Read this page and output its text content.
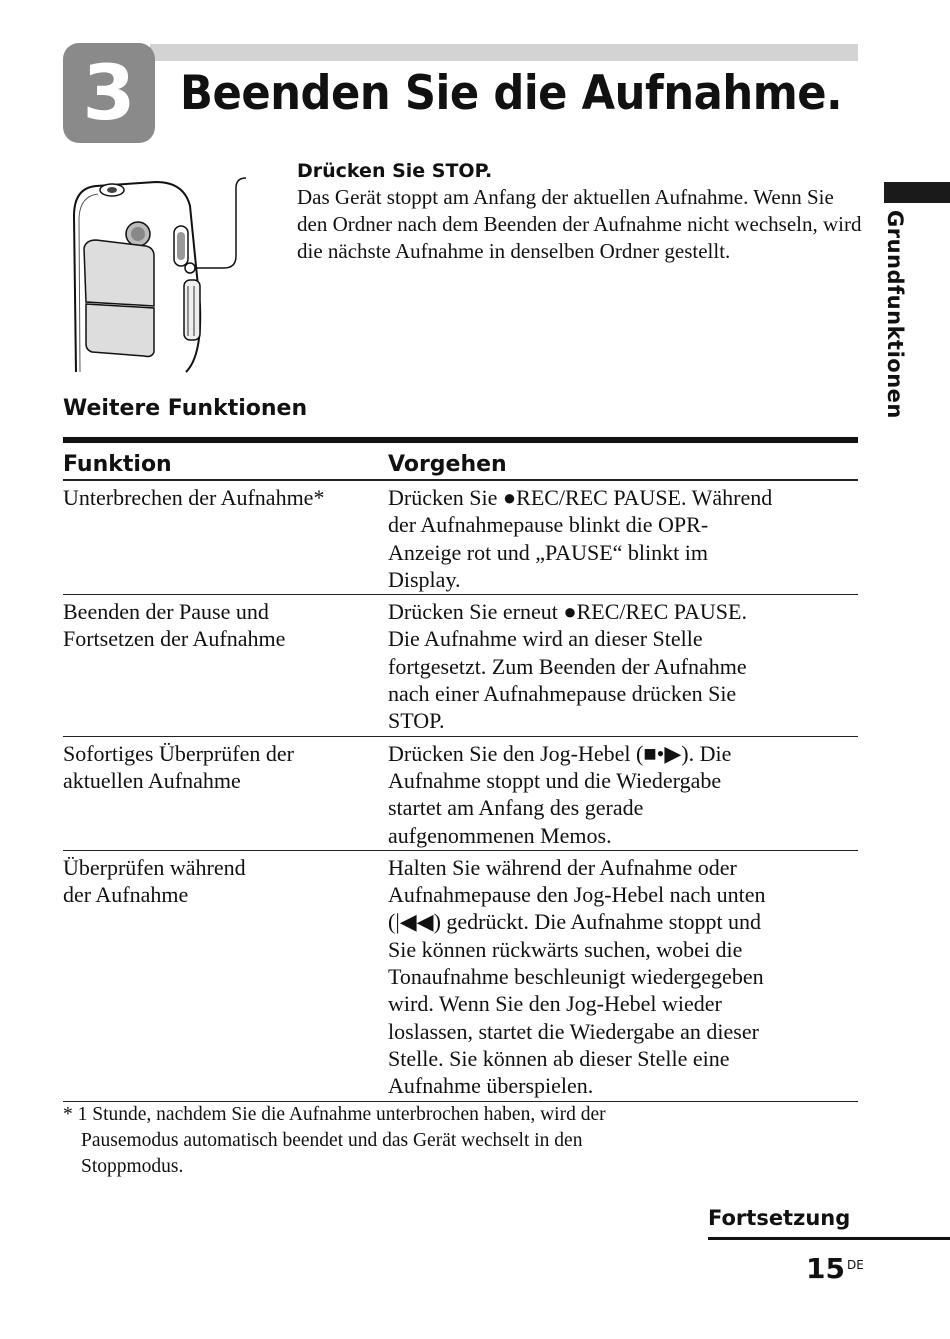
3 Beenden Sie die Aufnahme.
Grundfunktionen
Drücken Sie STOP.
Das Gerät stoppt am Anfang der aktuellen Aufnahme. Wenn Sie den Ordner nach dem Beenden der Aufnahme nicht wechseln, wird die nächste Aufnahme in denselben Ordner gestellt.
Weitere Funktionen
Funktion	Vorgehen
Unterbrechen der Aufnahme*	Drücken Sie ●REC/REC PAUSE. Während
der Aufnahmepause blinkt die OPR-
Anzeige rot und „PAUSE“ blinkt im
Display.
Beenden der Pause und
Fortsetzen der Aufnahme
Drücken Sie erneut ●REC/REC PAUSE.
Die Aufnahme wird an dieser Stelle
fortgesetzt. Zum Beenden der Aufnahme
nach einer Aufnahmepause drücken Sie
STOP.
Sofortiges Überprüfen der
aktuellen Aufnahme
Drücken Sie den Jog-Hebel (■•▶). Die
Aufnahme stoppt und die Wiedergabe
startet am Anfang des gerade
aufgenommenen Memos.
Überprüfen während
der Aufnahme
Halten Sie während der Aufnahme oder
Aufnahmepause den Jog-Hebel nach unten
(|◀◀) gedrückt. Die Aufnahme stoppt und
Sie können rückwärts suchen, wobei die
Tonaufnahme beschleunigt wiedergegeben
wird. Wenn Sie den Jog-Hebel wieder
loslassen, startet die Wiedergabe an dieser
Stelle. Sie können ab dieser Stelle eine
Aufnahme überspielen.
* 1 Stunde, nachdem Sie die Aufnahme unterbrochen haben, wird der
Pausemodus automatisch beendet und das Gerät wechselt in den
Stoppmodus.
Fortsetzung
15 $^{DE}$
